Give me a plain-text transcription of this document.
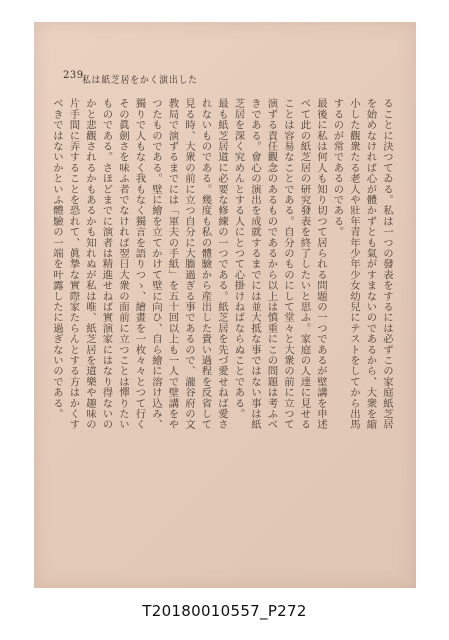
239
私は紙芝居をかく演出した

ることに決つてゐる。私は一つの發表をするには必ずこの家庭紙芝居を始めなければ心が體かずとも氣がすまないのであるから、大衆を縮小した觀衆たる老人や壯年青年少年少女幼兒にテストをしてから出馬するのが常であるのである。

最後に私は何人も知り切つて居られる問題の一つであるが壁講を申述べて此の紙芝居の研究發表を終了したいと思ふ。家庭の人達に見せることは容易なことである。自分のものにして堂々と大衆の前に立つて演ずる責任觀念のあるものであるから以上は慎重にこの問題は考ふべきである。會心の演出を成就するまでには並大抵な事ではない事は紙芝居を深く究めんとする人にとつて心掛けねばならぬことである。

最も紙芝居道に必要な修練の一つである。紙芝居を先づ愛せねば愛されないものである。幾度も私の體驗から産出した貴い過程を反省して見る時、大衆の前に立つ自分に大膽過ぎる事であるので、瀧谷府の文教局で演ずるまでには「軍夫の手紙」を五十回以上も一人で壁講をやつたものである。壁に繪を立てかけて壁に向ひ、自ら繪に溶け込み、獨りで人もなく我もなく獨言を語りつゝ、繪畫を一枚々々とつて行くその眞劍さを味ふ者でなければ翌日大衆の面前に立つことは憚りたいものである。さほどまでに演者は精進せねば實演家にはなり得ないのかと悲觀されるかもあるかも知れぬが私は唯、紙芝居を道樂や趣味の片手間に弄することを恐れて、眞摯な實際家たらんとする方はかくすべきではないかといふ體驗の一端を叶露したに過ぎないのである。

T20180010557_P272
